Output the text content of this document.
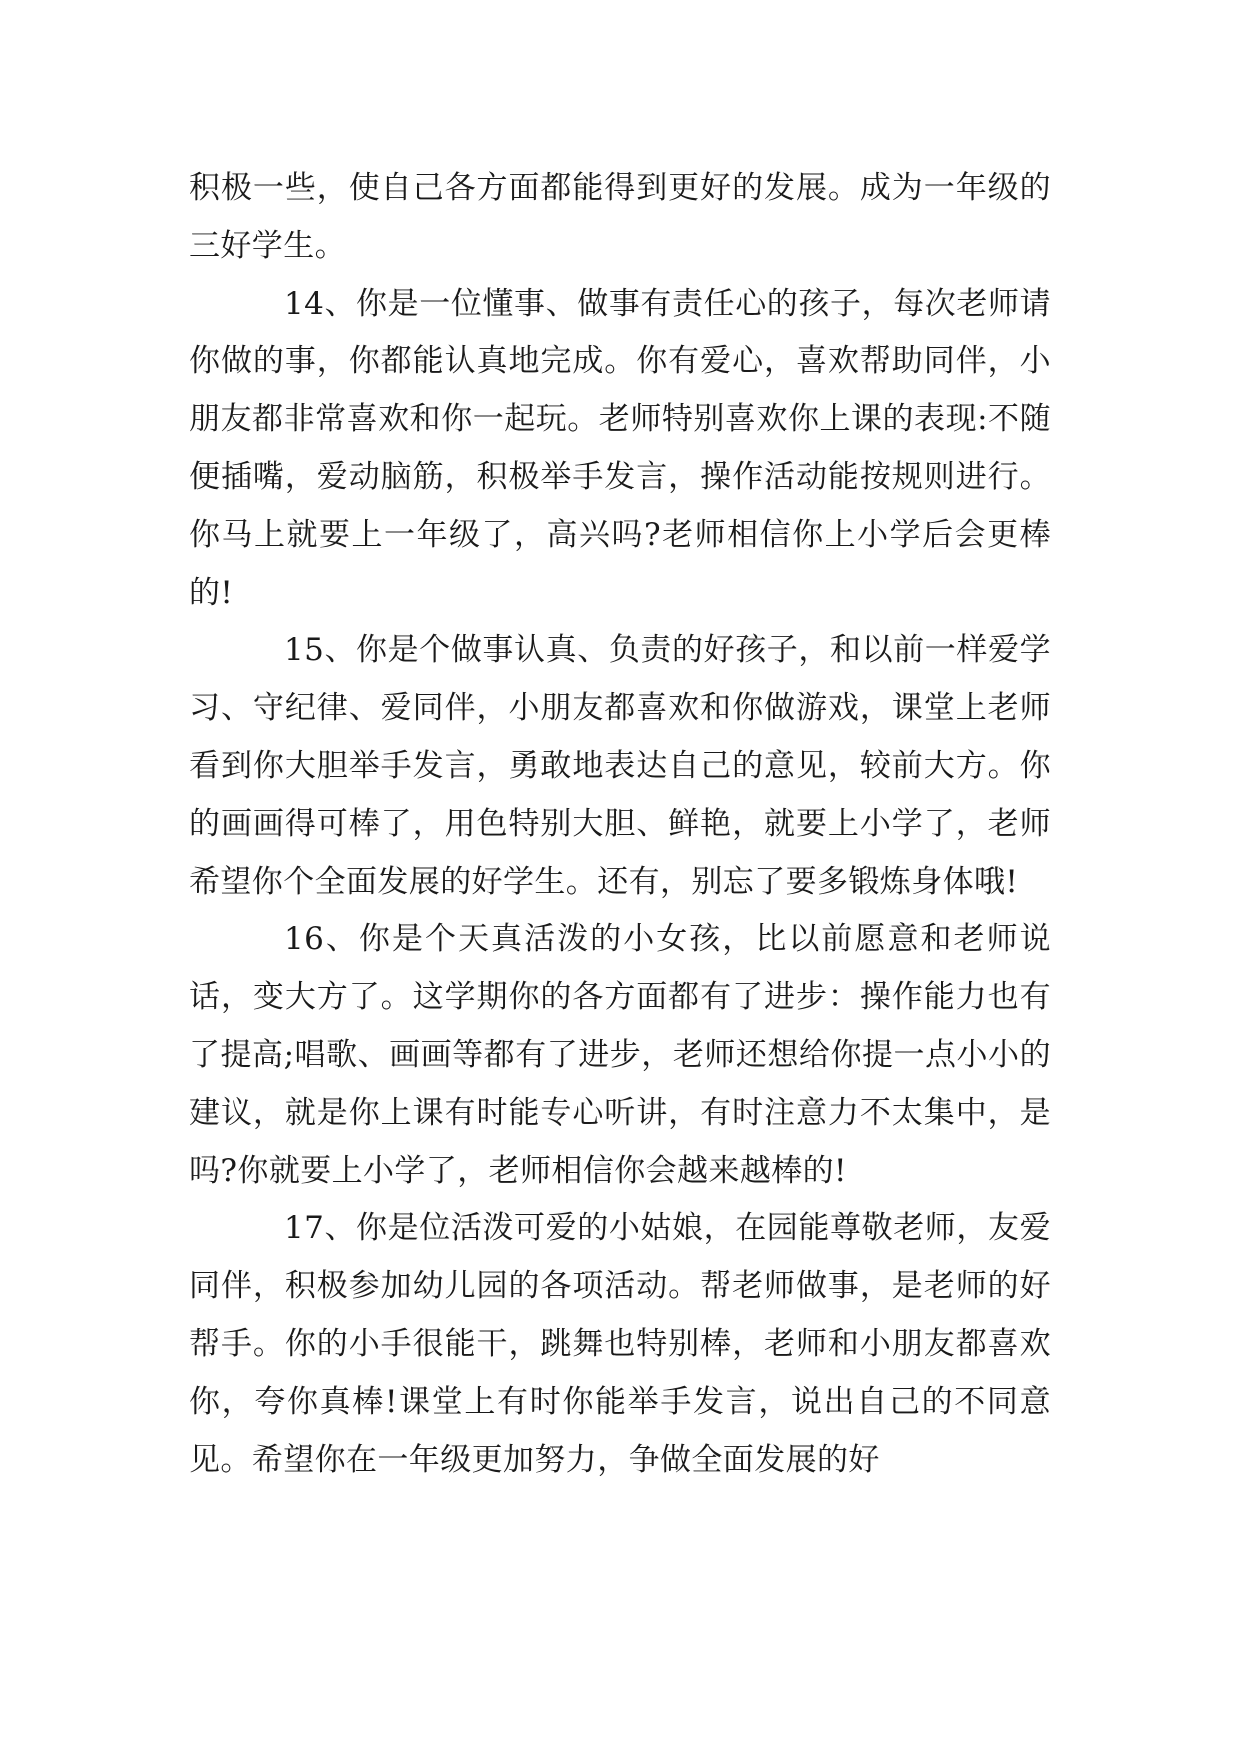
积极一些，使自己各方面都能得到更好的发展。成为一年级的三好学生。

14、你是一位懂事、做事有责任心的孩子，每次老师请你做的事，你都能认真地完成。你有爱心，喜欢帮助同伴，小朋友都非常喜欢和你一起玩。老师特别喜欢你上课的表现:不随便插嘴，爱动脑筋，积极举手发言，操作活动能按规则进行。你马上就要上一年级了，高兴吗?老师相信你上小学后会更棒的!

15、你是个做事认真、负责的好孩子，和以前一样爱学习、守纪律、爱同伴，小朋友都喜欢和你做游戏，课堂上老师看到你大胆举手发言，勇敢地表达自己的意见，较前大方。你的画画得可棒了，用色特别大胆、鲜艳，就要上小学了，老师希望你个全面发展的好学生。还有，别忘了要多锻炼身体哦!

16、你是个天真活泼的小女孩，比以前愿意和老师说话，变大方了。这学期你的各方面都有了进步：操作能力也有了提高;唱歌、画画等都有了进步，老师还想给你提一点小小的建议，就是你上课有时能专心听讲，有时注意力不太集中，是吗?你就要上小学了，老师相信你会越来越棒的!

17、你是位活泼可爱的小姑娘，在园能尊敬老师，友爱同伴，积极参加幼儿园的各项活动。帮老师做事，是老师的好帮手。你的小手很能干，跳舞也特别棒，老师和小朋友都喜欢你，夸你真棒!课堂上有时你能举手发言，说出自己的不同意见。希望你在一年级更加努力，争做全面发展的好
